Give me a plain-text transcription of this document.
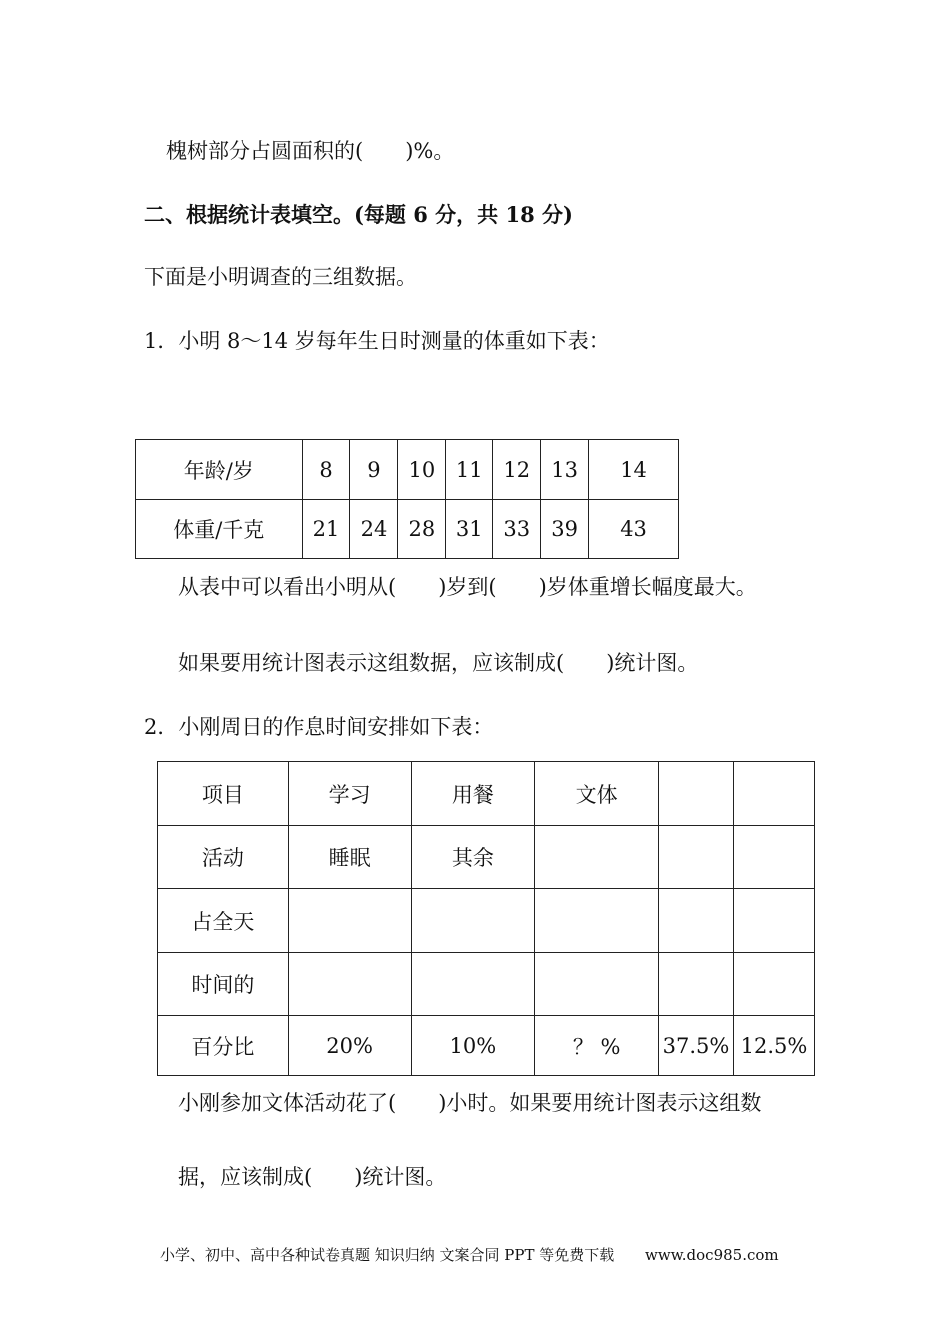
槐树部分占圆面积的(　　)%。
二、根据统计表填空。(每题 6 分，共 18 分)
下面是小明调查的三组数据。
1．小明 8～14 岁每年生日时测量的体重如下表：
年龄/岁	8	9	10	11	12	13	14
体重/千克	21	24	28	31	33	39	43
从表中可以看出小明从(　　)岁到(　　)岁体重增长幅度最大。
如果要用统计图表示这组数据，应该制成(　　)统计图。
2．小刚周日的作息时间安排如下表：
项目	学习	用餐	文体		
活动	睡眠	其余			
占全天					
时间的					
百分比	20%	10%	？ %	37.5%	12.5%
小刚参加文体活动花了(　　)小时。如果要用统计图表示这组数
据，应该制成(　　)统计图。
小学、初中、高中各种试卷真题 知识归纳 文案合同 PPT 等免费下载 www.doc985.com
